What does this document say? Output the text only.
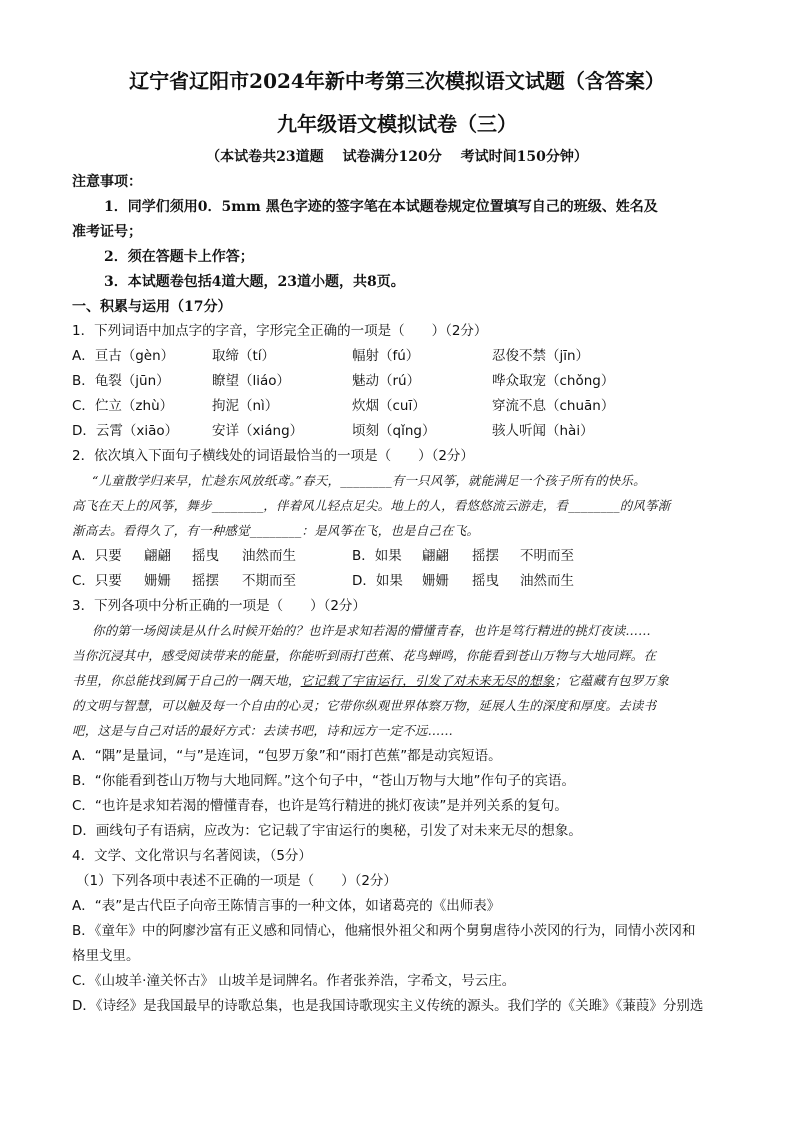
辽宁省辽阳市2024年新中考第三次模拟语文试题（含答案）
九年级语文模拟试卷（三）
（本试卷共23道题　 试卷满分120分　 考试时间150分钟）
注意事项：
1．同学们须用0．5mm 黑色字迹的签字笔在本试题卷规定位置填写自己的班级、姓名及
准考证号；
2．须在答题卡上作答；
3．本试题卷包括4道大题，23道小题，共8页。
一、积累与运用（17分）
1．下列词语中加点字的字音，字形完全正确的一项是（　　）（2分）
A．亘古（gèn）	取缔（tí）	幅射（fú）	忍俊不禁（jīn）
B．龟裂（jūn）	瞭望（liáo）	魅动（rú）	哗众取宠（chǒng）
C．伫立（zhù）	拘泥（nì）	炊烟（cuī）	穿流不息（chuān）
D．云霄（xiāo）	安详（xiáng）	顷刻（qǐng）	骇人听闻（hài）
2．依次填入下面句子横线处的词语最恰当的一项是（　　）（2分）
“儿童散学归来早，忙趁东风放纸鸢。”春天，________有一只风筝，就能满足一个孩子所有的快乐。
高飞在天上的风筝，舞步________，伴着风儿轻点足尖。地上的人，看悠悠流云游走，看________的风筝渐
渐高去。看得久了，有一种感觉________：是风筝在飞，也是自己在飞。
A．只要 翩翩 摇曳 油然而生	B．如果 翩翩 摇摆 不明而至
C．只要 姗姗 摇摆 不期而至	D．如果 姗姗 摇曳 油然而生
3．下列各项中分析正确的一项是（　　）（2分）
你的第一场阅读是从什么时候开始的？也许是求知若渴的懵懂青春，也许是笃行精进的挑灯夜读……
当你沉浸其中，感受阅读带来的能量，你能听到雨打芭蕉、花鸟蝉鸣，你能看到苍山万物与大地同辉。在
书里，你总能找到属于自己的一隅天地，它记载了宇宙运行，引发了对未来无尽的想象；它蕴藏有包罗万象
的文明与智慧，可以触及每一个自由的心灵；它带你纵观世界体察万物，延展人生的深度和厚度。去读书
吧，这是与自己对话的最好方式：去读书吧，诗和远方一定不远……
A．“隅”是量词，“与”是连词，“包罗万象”和“雨打芭蕉”都是动宾短语。
B．“你能看到苍山万物与大地同辉。”这个句子中，“苍山万物与大地”作句子的宾语。
C．“也许是求知若渴的懵懂青春，也许是笃行精进的挑灯夜读”是并列关系的复句。
D．画线句子有语病，应改为：它记载了宇宙运行的奥秘，引发了对未来无尽的想象。
4．文学、文化常识与名著阅读，（5分）
（1）下列各项中表述不正确的一项是（　　）（2分）
A．“表”是古代臣子向帝王陈情言事的一种文体，如诸葛亮的《出师表》
B．《童年》中的阿廖沙富有正义感和同情心，他痛恨外祖父和两个舅舅虐待小茨冈的行为，同情小茨冈和
格里戈里。
C．《山坡羊·潼关怀古》 山坡羊是词牌名。作者张养浩，字希文，号云庄。
D．《诗经》是我国最早的诗歌总集，也是我国诗歌现实主义传统的源头。我们学的《关雎》《蒹葭》分别选
